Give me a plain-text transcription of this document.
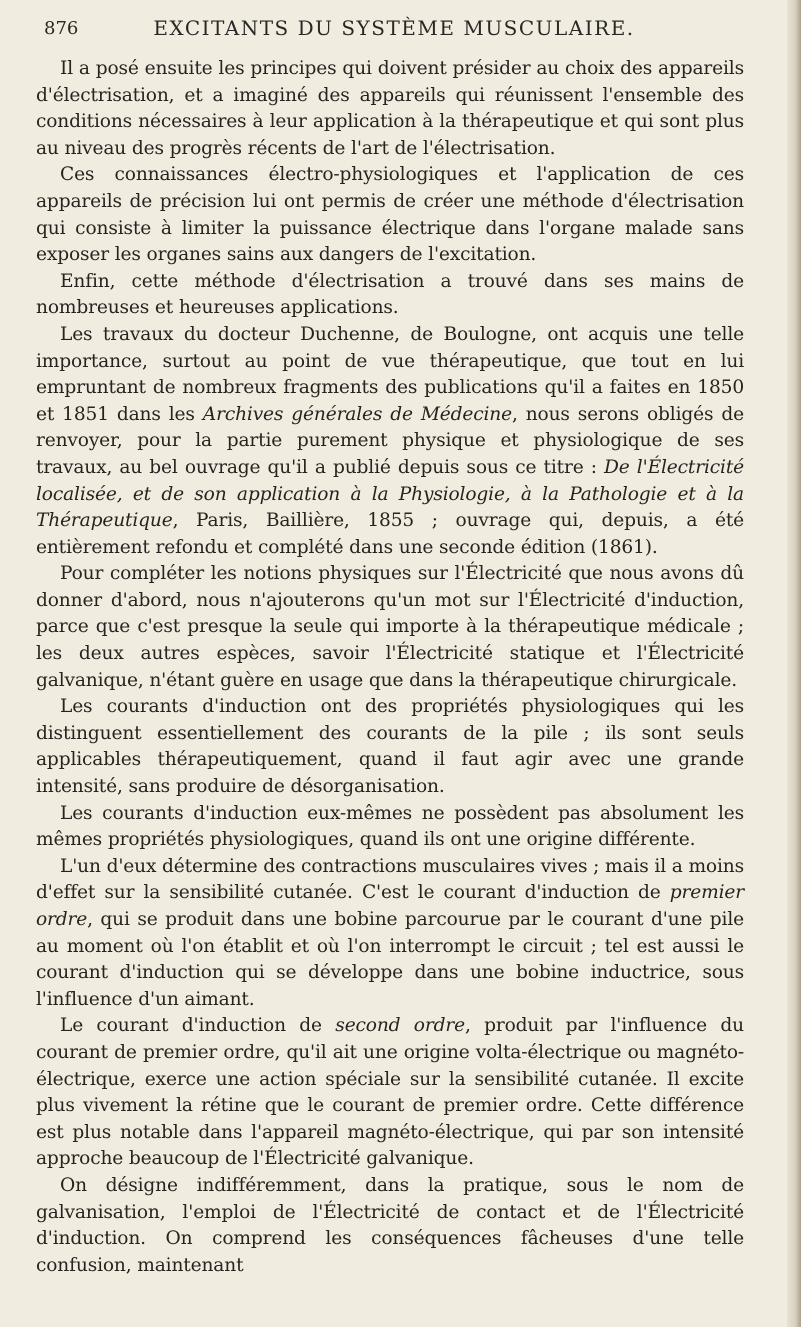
876	EXCITANTS DU SYSTÈME MUSCULAIRE.

Il a posé ensuite les principes qui doivent présider au choix des appareils d'électrisation, et a imaginé des appareils qui réunissent l'ensemble des conditions nécessaires à leur application à la thérapeutique et qui sont plus au niveau des progrès récents de l'art de l'électrisation.

Ces connaissances électro-physiologiques et l'application de ces appareils de précision lui ont permis de créer une méthode d'électrisation qui consiste à limiter la puissance électrique dans l'organe malade sans exposer les organes sains aux dangers de l'excitation.

Enfin, cette méthode d'électrisation a trouvé dans ses mains de nombreuses et heureuses applications.

Les travaux du docteur Duchenne, de Boulogne, ont acquis une telle importance, surtout au point de vue thérapeutique, que tout en lui empruntant de nombreux fragments des publications qu'il a faites en 1850 et 1851 dans les Archives générales de Médecine, nous serons obligés de renvoyer, pour la partie purement physique et physiologique de ses travaux, au bel ouvrage qu'il a publié depuis sous ce titre : De l'Électricité localisée, et de son application à la Physiologie, à la Pathologie et à la Thérapeutique, Paris, Baillière, 1855 ; ouvrage qui, depuis, a été entièrement refondu et complété dans une seconde édition (1861).

Pour compléter les notions physiques sur l'Électricité que nous avons dû donner d'abord, nous n'ajouterons qu'un mot sur l'Électricité d'induction, parce que c'est presque la seule qui importe à la thérapeutique médicale ; les deux autres espèces, savoir l'Électricité statique et l'Électricité galvanique, n'étant guère en usage que dans la thérapeutique chirurgicale.

Les courants d'induction ont des propriétés physiologiques qui les distinguent essentiellement des courants de la pile ; ils sont seuls applicables thérapeutiquement, quand il faut agir avec une grande intensité, sans produire de désorganisation.

Les courants d'induction eux-mêmes ne possèdent pas absolument les mêmes propriétés physiologiques, quand ils ont une origine différente.

L'un d'eux détermine des contractions musculaires vives ; mais il a moins d'effet sur la sensibilité cutanée. C'est le courant d'induction de premier ordre, qui se produit dans une bobine parcourue par le courant d'une pile au moment où l'on établit et où l'on interrompt le circuit ; tel est aussi le courant d'induction qui se développe dans une bobine inductrice, sous l'influence d'un aimant.

Le courant d'induction de second ordre, produit par l'influence du courant de premier ordre, qu'il ait une origine volta-électrique ou magnéto-électrique, exerce une action spéciale sur la sensibilité cutanée. Il excite plus vivement la rétine que le courant de premier ordre. Cette différence est plus notable dans l'appareil magnéto-électrique, qui par son intensité approche beaucoup de l'Électricité galvanique.

On désigne indifféremment, dans la pratique, sous le nom de galvanisation, l'emploi de l'Électricité de contact et de l'Électricité d'induction. On comprend les conséquences fâcheuses d'une telle confusion, maintenant
